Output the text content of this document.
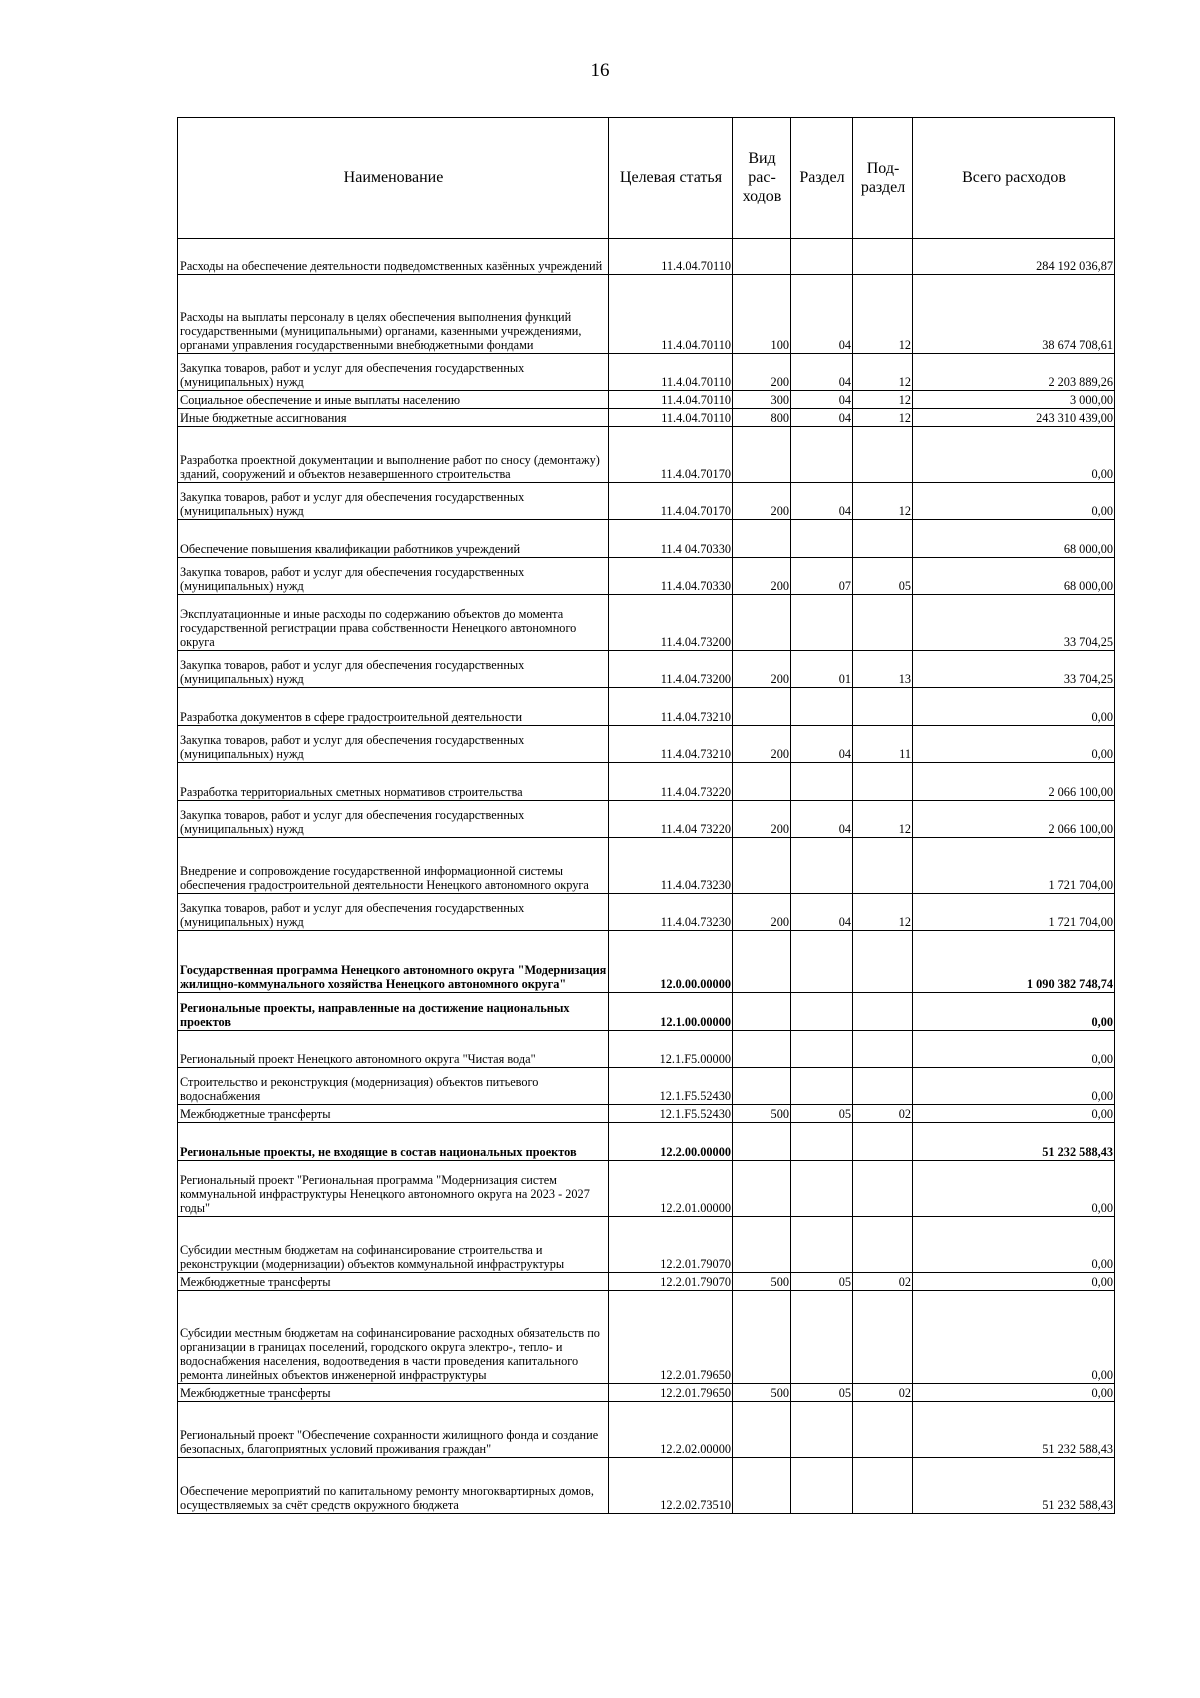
16
Наименование	Целевая статья	Вид рас-ходов	Раздел	Под-раздел	Всего расходов
Расходы на обеспечение деятельности подведомственных казённых учреждений	11.4.04.70110				284 192 036,87
Расходы на выплаты персоналу в целях обеспечения выполнения функций государственными (муниципальными) органами, казенными учреждениями, органами управления государственными внебюджетными фондами	11.4.04.70110	100	04	12	38 674 708,61
Закупка товаров, работ и услуг для обеспечения государственных (муниципальных) нужд	11.4.04.70110	200	04	12	2 203 889,26
Социальное обеспечение и иные выплаты населению	11.4.04.70110	300	04	12	3 000,00
Иные бюджетные ассигнования	11.4.04.70110	800	04	12	243 310 439,00
Разработка проектной документации и выполнение работ по сносу (демонтажу) зданий, сооружений и объектов незавершенного строительства	11.4.04.70170				0,00
Закупка товаров, работ и услуг для обеспечения государственных (муниципальных) нужд	11.4.04.70170	200	04	12	0,00
Обеспечение повышения квалификации работников учреждений	11.4 04.70330				68 000,00
Закупка товаров, работ и услуг для обеспечения государственных (муниципальных) нужд	11.4.04.70330	200	07	05	68 000,00
Эксплуатационные и иные расходы по содержанию объектов до момента государственной регистрации права собственности Ненецкого автономного округа	11.4.04.73200				33 704,25
Закупка товаров, работ и услуг для обеспечения государственных (муниципальных) нужд	11.4.04.73200	200	01	13	33 704,25
Разработка документов в сфере градостроительной деятельности	11.4.04.73210				0,00
Закупка товаров, работ и услуг для обеспечения государственных (муниципальных) нужд	11.4.04.73210	200	04	11	0,00
Разработка территориальных сметных нормативов строительства	11.4.04.73220				2 066 100,00
Закупка товаров, работ и услуг для обеспечения государственных (муниципальных) нужд	11.4.04 73220	200	04	12	2 066 100,00
Внедрение и сопровождение государственной информационной системы обеспечения градостроительной деятельности Ненецкого автономного округа	11.4.04.73230				1 721 704,00
Закупка товаров, работ и услуг для обеспечения государственных (муниципальных) нужд	11.4.04.73230	200	04	12	1 721 704,00
Государственная программа Ненецкого автономного округа "Модернизация жилищно-коммунального хозяйства Ненецкого автономного округа"	12.0.00.00000				1 090 382 748,74
Региональные проекты, направленные на достижение национальных проектов	12.1.00.00000				0,00
Региональный проект Ненецкого автономного округа "Чистая вода"	12.1.F5.00000				0,00
Строительство и реконструкция (модернизация) объектов питьевого водоснабжения	12.1.F5.52430				0,00
Межбюджетные трансферты	12.1.F5.52430	500	05	02	0,00
Региональные проекты, не входящие в состав национальных проектов	12.2.00.00000				51 232 588,43
Региональный проект "Региональная программа "Модернизация систем коммунальной инфраструктуры Ненецкого автономного округа на 2023 - 2027 годы"	12.2.01.00000				0,00
Субсидии местным бюджетам на софинансирование строительства и реконструкции (модернизации) объектов коммунальной инфраструктуры	12.2.01.79070				0,00
Межбюджетные трансферты	12.2.01.79070	500	05	02	0,00
Субсидии местным бюджетам на софинансирование расходных обязательств по организации в границах поселений, городского округа электро-, тепло- и водоснабжения населения, водоотведения в части проведения капитального ремонта линейных объектов инженерной инфраструктуры	12.2.01.79650				0,00
Межбюджетные трансферты	12.2.01.79650	500	05	02	0,00
Региональный проект "Обеспечение сохранности жилищного фонда и создание безопасных, благоприятных условий проживания граждан"	12.2.02.00000				51 232 588,43
Обеспечение мероприятий по капитальному ремонту многоквартирных домов, осуществляемых за счёт средств окружного бюджета	12.2.02.73510				51 232 588,43
